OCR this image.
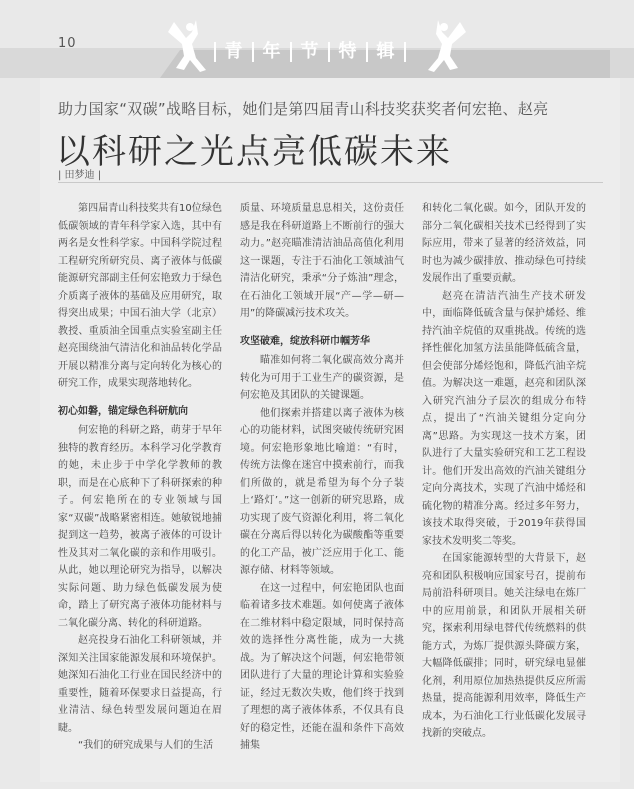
10	青	年	节	特	辑
助力国家“双碳”战略目标，她们是第四届青山科技奖获奖者何宏艳、赵亮
以科研之光点亮低碳未来
| 田梦迪 |

第四届青山科技奖共有10位绿色低碳领域的青年科学家入选，其中有两名是女性科学家。中国科学院过程工程研究所研究员、离子液体与低碳能源研究部副主任何宏艳致力于绿色介质离子液体的基础及应用研究，取得突出成果；中国石油大学（北京）教授、重质油全国重点实验室副主任赵亮围绕油气清洁化和油品转化学品开展以精准分离与定向转化为核心的研究工作，成果实现落地转化。

初心如磐，锚定绿色科研航向

何宏艳的科研之路，萌芽于早年独特的教育经历。本科学习化学教育的她，未止步于中学化学教师的教职，而是在心底种下了科研探索的种子。何宏艳所在的专业领域与国家“双碳”战略紧密相连。她敏锐地捕捉到这一趋势，被离子液体的可设计性及其对二氧化碳的亲和作用吸引。从此，她以理论研究为指导，以解决实际问题、助力绿色低碳发展为使命，踏上了研究离子液体功能材料与二氧化碳分离、转化的科研道路。

赵亮投身石油化工科研领域，并深知关注国家能源发展和环境保护。她深知石油化工行业在国民经济中的重要性，随着环保要求日益提高，行业清洁、绿色转型发展问题迫在眉睫。

“我们的研究成果与人们的生活

质量、环境质量息息相关，这份责任感是我在科研道路上不断前行的强大动力。”赵亮瞄准清洁油品高值化利用这一课题，专注于石油化工领域油气清洁化研究，秉承“分子炼油”理念，在石油化工领域开展“产—学—研—用”的降碳减污技术攻关。

攻坚破难，绽放科研巾帼芳华

瞄准如何将二氧化碳高效分离并转化为可用于工业生产的碳资源，是何宏艳及其团队的关键课题。

他们探索并搭建以离子液体为核心的功能材料，试图突破传统研究困境。何宏艳形象地比喻道：“有时，传统方法像在迷宫中摸索前行，而我们所做的，就是希望为每个分子装上‘路灯’。”这一创新的研究思路，成功实现了废气资源化利用，将二氧化碳在分离后得以转化为碳酸酯等重要的化工产品，被广泛应用于化工、能源存储、材料等领域。

在这一过程中，何宏艳团队也面临着诸多技术难题。如何使离子液体在二维材料中稳定限域，同时保持高效的选择性分离性能，成为一大挑战。为了解决这个问题，何宏艳带领团队进行了大量的理论计算和实验验证，经过无数次失败，他们终于找到了理想的离子液体体系，不仅具有良好的稳定性，还能在温和条件下高效捕集

和转化二氧化碳。如今，团队开发的部分二氧化碳相关技术已经得到了实际应用，带来了显著的经济效益，同时也为减少碳排放、推动绿色可持续发展作出了重要贡献。

赵亮在清洁汽油生产技术研发中，面临降低硫含量与保护烯烃、维持汽油辛烷值的双重挑战。传统的选择性催化加氢方法虽能降低硫含量，但会使部分烯烃饱和，降低汽油辛烷值。为解决这一难题，赵亮和团队深入研究汽油分子层次的组成分布特点，提出了“汽油关键组分定向分离”思路。为实现这一技术方案，团队进行了大量实验研究和工艺工程设计。他们开发出高效的汽油关键组分定向分离技术，实现了汽油中烯烃和硫化物的精准分离。经过多年努力，该技术取得突破，于2019年获得国家技术发明奖二等奖。

在国家能源转型的大背景下，赵亮和团队积极响应国家号召，提前布局前沿科研项目。她关注绿电在炼厂中的应用前景，和团队开展相关研究，探索利用绿电替代传统燃料的供能方式，为炼厂提供源头降碳方案，大幅降低碳排；同时，研究绿电显催化剂，利用原位加热热提供反应所需热量，提高能源利用效率，降低生产成本，为石油化工行业低碳化发展寻找新的突破点。
